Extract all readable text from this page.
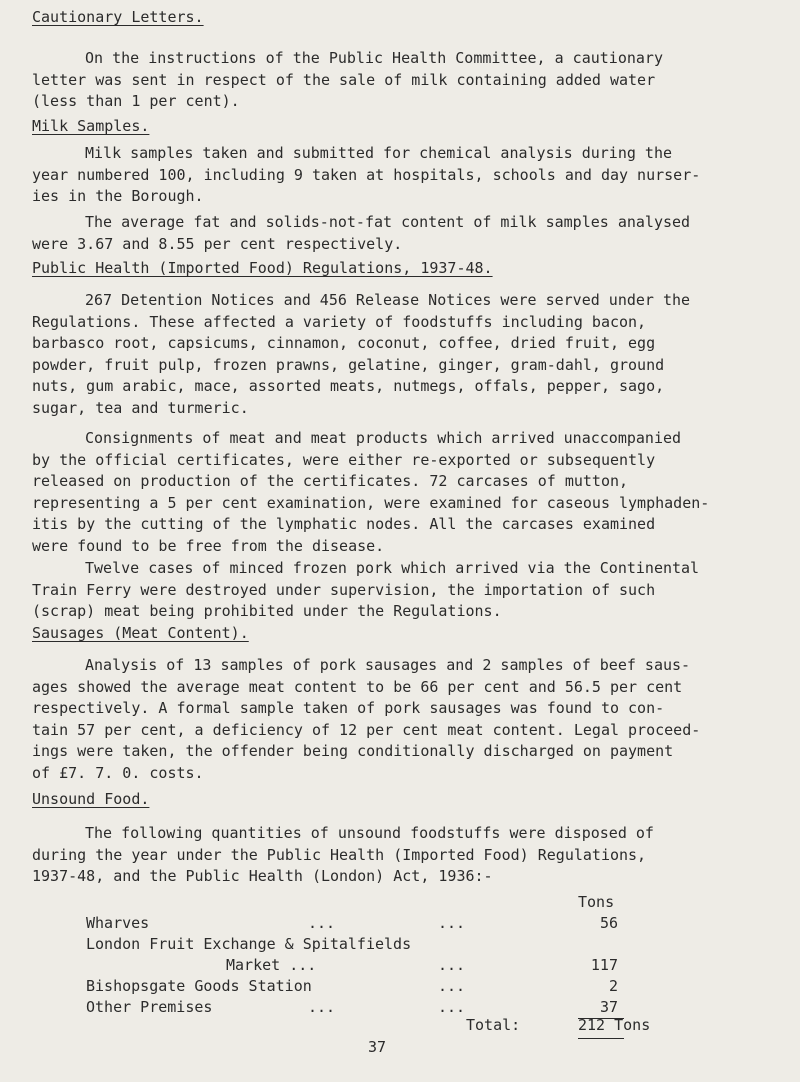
Cautionary Letters.
On the instructions of the Public Health Committee, a cautionary
letter was sent in respect of the sale of milk containing added water
(less than 1 per cent).
Milk Samples.
Milk samples taken and submitted for chemical analysis during the
year numbered 100, including 9 taken at hospitals, schools and day nurser-
ies in the Borough.
The average fat and solids-not-fat content of milk samples analysed
were 3.67 and 8.55 per cent respectively.
Public Health (Imported Food) Regulations, 1937-48.
267 Detention Notices and 456 Release Notices were served under the
Regulations. These affected a variety of foodstuffs including bacon,
barbasco root, capsicums, cinnamon, coconut, coffee, dried fruit, egg
powder, fruit pulp, frozen prawns, gelatine, ginger, gram-dahl, ground
nuts, gum arabic, mace, assorted meats, nutmegs, offals, pepper, sago,
sugar, tea and turmeric.
Consignments of meat and meat products which arrived unaccompanied
by the official certificates, were either re-exported or subsequently
released on production of the certificates. 72 carcases of mutton,
representing a 5 per cent examination, were examined for caseous lymphaden-
itis by the cutting of the lymphatic nodes. All the carcases examined
were found to be free from the disease.
Twelve cases of minced frozen pork which arrived via the Continental
Train Ferry were destroyed under supervision, the importation of such
(scrap) meat being prohibited under the Regulations.
Sausages (Meat Content).
Analysis of 13 samples of pork sausages and 2 samples of beef saus-
ages showed the average meat content to be 66 per cent and 56.5 per cent
respectively. A formal sample taken of pork sausages was found to con-
tain 57 per cent, a deficiency of 12 per cent meat content. Legal proceed-
ings were taken, the offender being conditionally discharged on payment
of £7. 7. 0. costs.
Unsound Food.
The following quantities of unsound foodstuffs were disposed of
during the year under the Public Health (Imported Food) Regulations,
1937-48, and the Public Health (London) Act, 1936:-
Tons
Wharves	...	...	56
London Fruit Exchange & Spitalfields
Market ...	...	117
Bishopsgate Goods Station	...	2
Other Premises	...	...	37
Total:	212 Tons
37
